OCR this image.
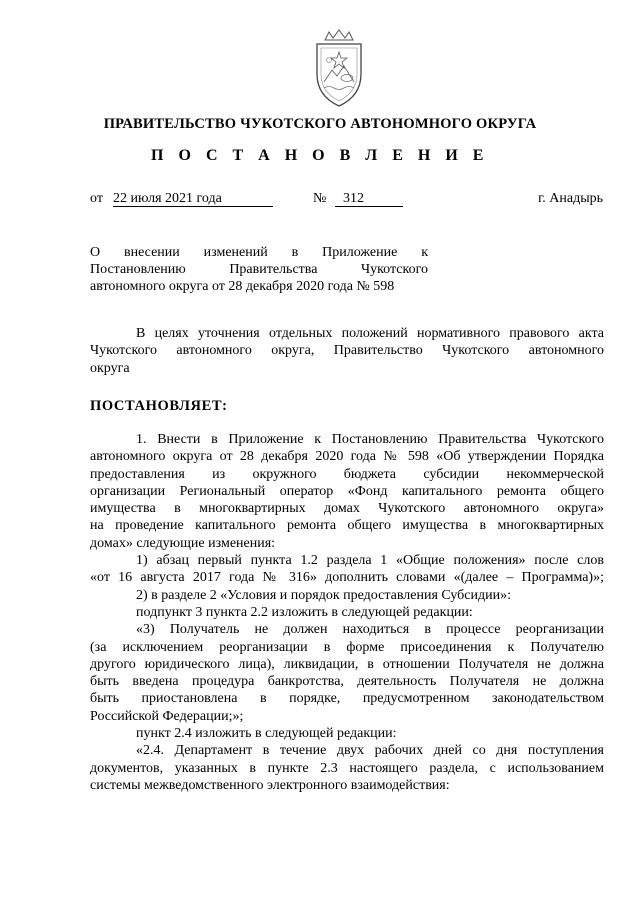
ПРАВИТЕЛЬСТВО ЧУКОТСКОГО АВТОНОМНОГО ОКРУГА
П О С Т А Н О В Л Е Н И Е
от 22 июля 2021 года	№	312	г. Анадырь
О внесении изменений в Приложение к
Постановлению Правительства Чукотского
автономного округа от 28 декабря 2020 года № 598
В целях уточнения отдельных положений нормативного правового акта
Чукотского автономного округа, Правительство Чукотского автономного
округа
ПОСТАНОВЛЯЕТ:
1. Внести в Приложение к Постановлению Правительства Чукотского
автономного округа от 28 декабря 2020 года № 598 «Об утверждении Порядка
предоставления из окружного бюджета субсидии некоммерческой
организации Региональный оператор «Фонд капитального ремонта общего
имущества в многоквартирных домах Чукотского автономного округа»
на проведение капитального ремонта общего имущества в многоквартирных
домах» следующие изменения:
1) абзац первый пункта 1.2 раздела 1 «Общие положения» после слов
«от 16 августа 2017 года № 316» дополнить словами «(далее – Программа)»;
2) в разделе 2 «Условия и порядок предоставления Субсидии»:
подпункт 3 пункта 2.2 изложить в следующей редакции:
«3) Получатель не должен находиться в процессе реорганизации
(за исключением реорганизации в форме присоединения к Получателю
другого юридического лица), ликвидации, в отношении Получателя не должна
быть введена процедура банкротства, деятельность Получателя не должна
быть приостановлена в порядке, предусмотренном законодательством
Российской Федерации;»;
пункт 2.4 изложить в следующей редакции:
«2.4. Департамент в течение двух рабочих дней со дня поступления
документов, указанных в пункте 2.3 настоящего раздела, с использованием
системы межведомственного электронного взаимодействия:
